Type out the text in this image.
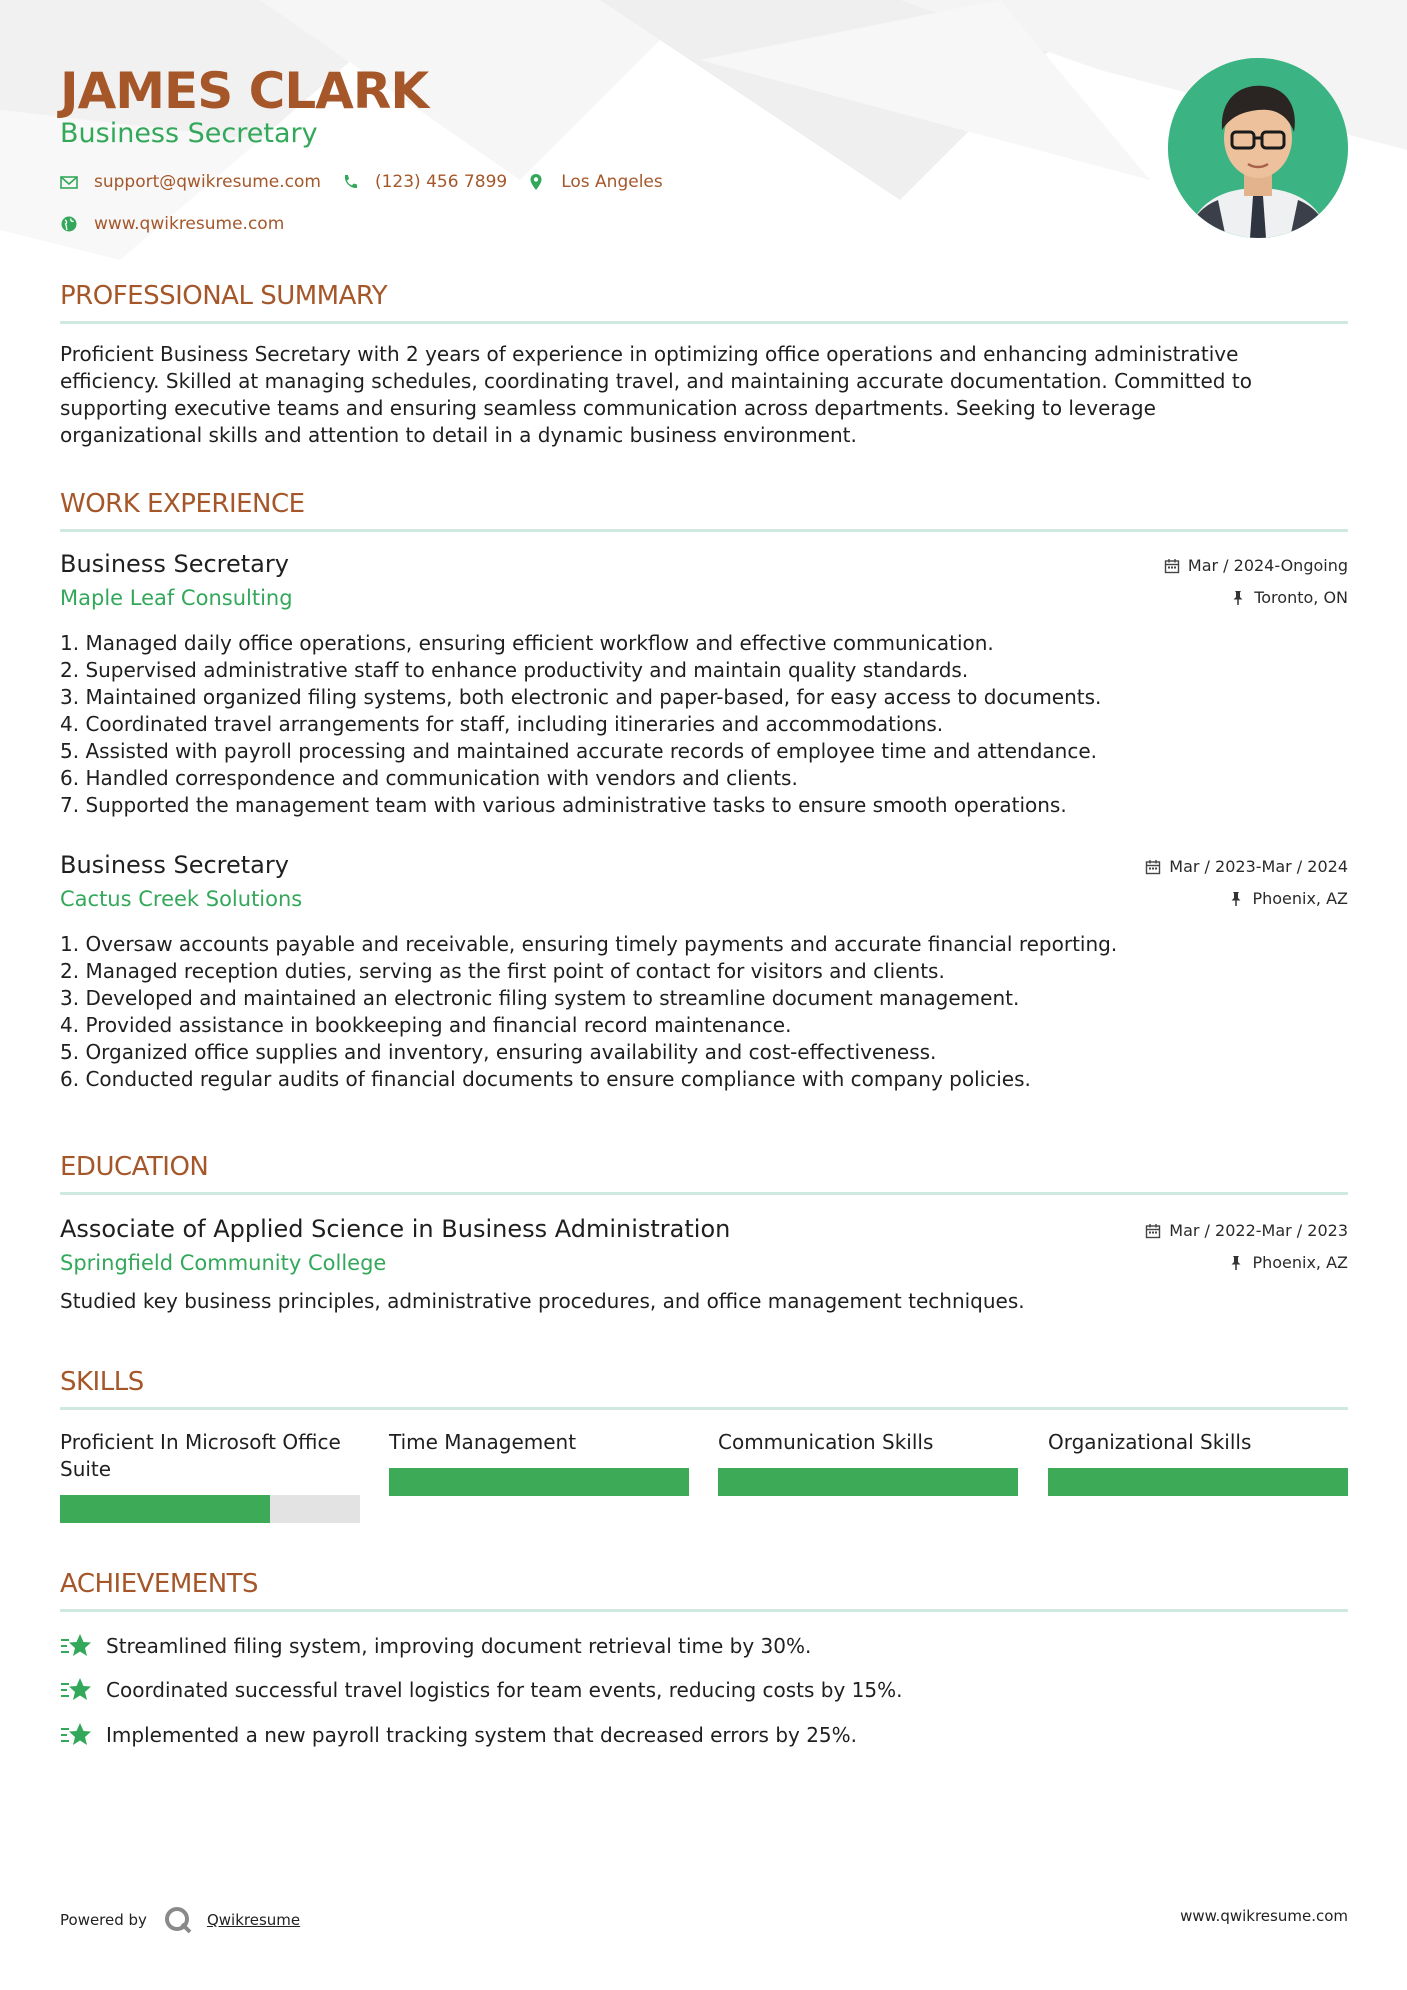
JAMES CLARK
Business Secretary
support@qwikresume.com	(123) 456 7899	Los Angeles
www.qwikresume.com
PROFESSIONAL SUMMARY
Proficient Business Secretary with 2 years of experience in optimizing office operations and enhancing administrative
efficiency. Skilled at managing schedules, coordinating travel, and maintaining accurate documentation. Committed to
supporting executive teams and ensuring seamless communication across departments. Seeking to leverage
organizational skills and attention to detail in a dynamic business environment.
WORK EXPERIENCE
Business Secretary
Maple Leaf Consulting
Mar / 2024-Ongoing
Toronto, ON
1. Managed daily office operations, ensuring efficient workflow and effective communication.
2. Supervised administrative staff to enhance productivity and maintain quality standards.
3. Maintained organized filing systems, both electronic and paper-based, for easy access to documents.
4. Coordinated travel arrangements for staff, including itineraries and accommodations.
5. Assisted with payroll processing and maintained accurate records of employee time and attendance.
6. Handled correspondence and communication with vendors and clients.
7. Supported the management team with various administrative tasks to ensure smooth operations.
Business Secretary
Cactus Creek Solutions
Mar / 2023-Mar / 2024
Phoenix, AZ
1. Oversaw accounts payable and receivable, ensuring timely payments and accurate financial reporting.
2. Managed reception duties, serving as the first point of contact for visitors and clients.
3. Developed and maintained an electronic filing system to streamline document management.
4. Provided assistance in bookkeeping and financial record maintenance.
5. Organized office supplies and inventory, ensuring availability and cost-effectiveness.
6. Conducted regular audits of financial documents to ensure compliance with company policies.
EDUCATION
Associate of Applied Science in Business Administration
Springfield Community College
Mar / 2022-Mar / 2023
Phoenix, AZ
Studied key business principles, administrative procedures, and office management techniques.
SKILLS
Proficient In Microsoft Office
Suite
Time Management	Communication Skills	Organizational Skills
ACHIEVEMENTS
Streamlined filing system, improving document retrieval time by 30%.
Coordinated successful travel logistics for team events, reducing costs by 15%.
Implemented a new payroll tracking system that decreased errors by 25%.
Powered by	Qwikresume	www.qwikresume.com
